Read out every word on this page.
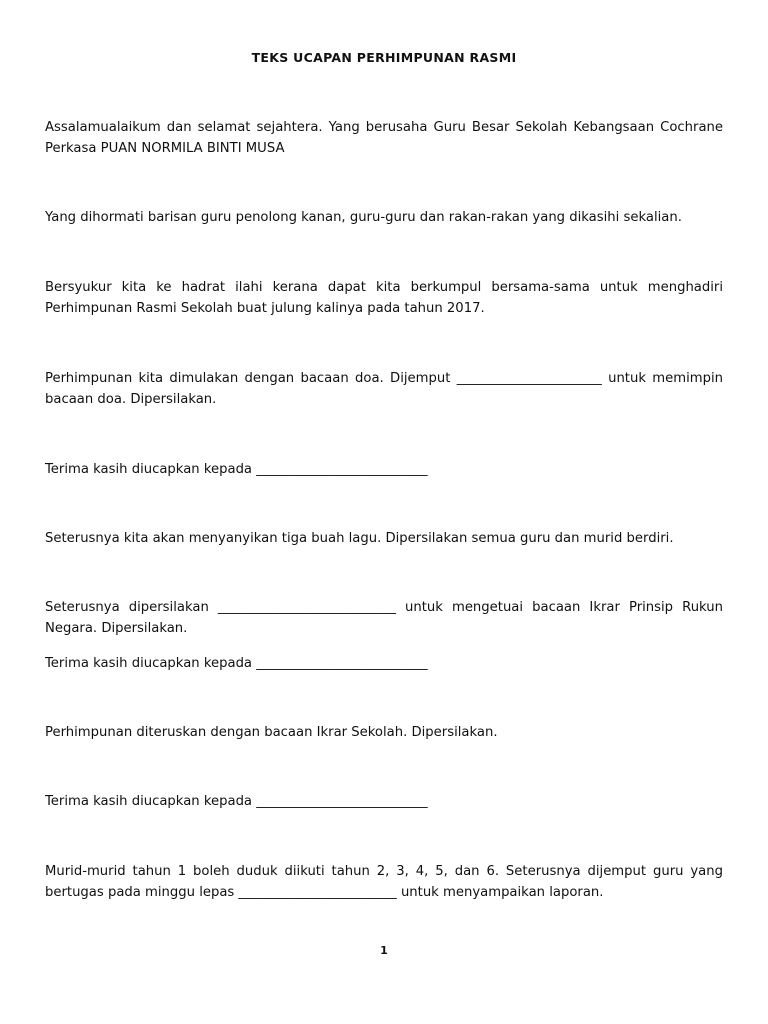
TEKS UCAPAN PERHIMPUNAN RASMI

Assalamualaikum dan selamat sejahtera. Yang berusaha Guru Besar Sekolah Kebangsaan Cochrane Perkasa PUAN NORMILA BINTI MUSA

Yang dihormati barisan guru penolong kanan, guru-guru dan rakan-rakan yang dikasihi sekalian.

Bersyukur kita ke hadrat ilahi kerana dapat kita berkumpul bersama-sama untuk menghadiri Perhimpunan Rasmi Sekolah buat julung kalinya pada tahun 2017.

Perhimpunan kita dimulakan dengan bacaan doa. Dijemput ______________________ untuk memimpin bacaan doa. Dipersilakan.

Terima kasih diucapkan kepada __________________________

Seterusnya kita akan menyanyikan tiga buah lagu. Dipersilakan semua guru dan murid berdiri.

Seterusnya dipersilakan ___________________________ untuk mengetuai bacaan Ikrar Prinsip Rukun Negara. Dipersilakan.

Terima kasih diucapkan kepada __________________________

Perhimpunan diteruskan dengan bacaan Ikrar Sekolah. Dipersilakan.

Terima kasih diucapkan kepada __________________________

Murid-murid tahun 1 boleh duduk diikuti tahun 2, 3, 4, 5, dan 6. Seterusnya dijemput guru yang bertugas pada minggu lepas ________________________ untuk menyampaikan laporan.

1
